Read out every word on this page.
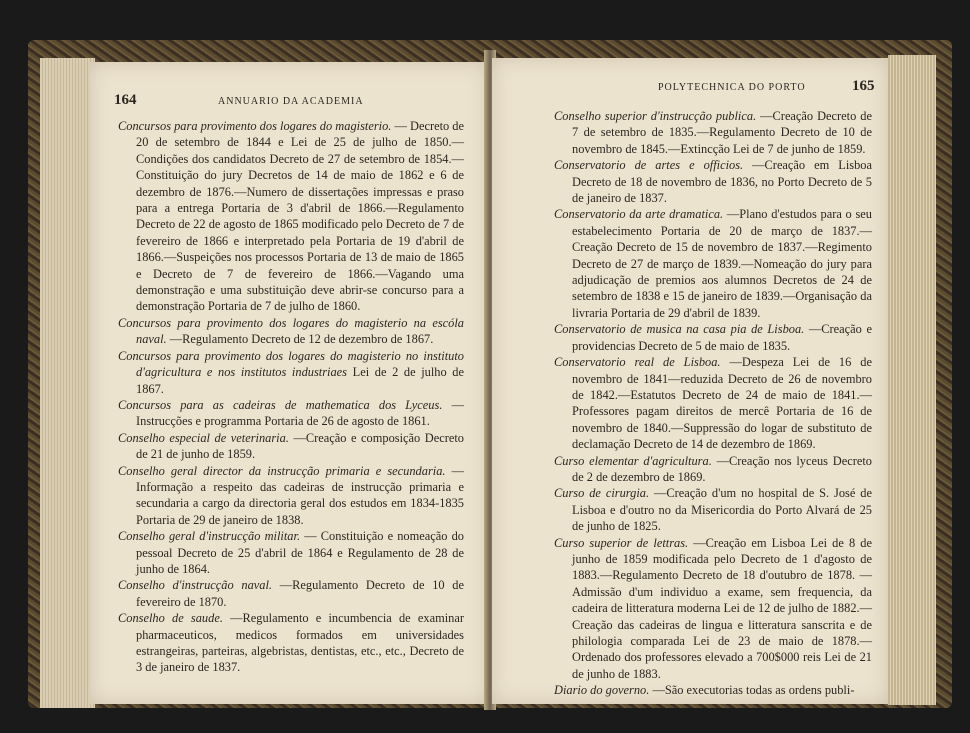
164	ANNUARIO DA ACADEMIA

Concursos para provimento dos logares do magisterio. — Decreto de 20 de setembro de 1844 e Lei de 25 de julho de 1850.—Condições dos candidatos Decreto de 27 de setembro de 1854.—Constituição do jury Decretos de 14 de maio de 1862 e 6 de dezembro de 1876.—Numero de dissertações impressas e praso para a entrega Portaria de 3 d'abril de 1866.—Regulamento Decreto de 22 de agosto de 1865 modificado pelo Decreto de 7 de fevereiro de 1866 e interpretado pela Portaria de 19 d'abril de 1866.—Suspeições nos processos Portaria de 13 de maio de 1865 e Decreto de 7 de fevereiro de 1866.—Vagando uma demonstração e uma substituição deve abrir-se concurso para a demonstração Portaria de 7 de julho de 1860.

Concursos para provimento dos logares do magisterio na escóla naval. —Regulamento Decreto de 12 de dezembro de 1867.

Concursos para provimento dos logares do magisterio no instituto d'agricultura e nos institutos industriaes Lei de 2 de julho de 1867.

Concursos para as cadeiras de mathematica dos Lyceus. — Instrucções e programma Portaria de 26 de agosto de 1861.

Conselho especial de veterinaria. —Creação e composição Decreto de 21 de junho de 1859.

Conselho geral director da instrucção primaria e secundaria. —Informação a respeito das cadeiras de instrucção primaria e secundaria a cargo da directoria geral dos estudos em 1834-1835 Portaria de 29 de janeiro de 1838.

Conselho geral d'instrucção militar. — Constituição e nomeação do pessoal Decreto de 25 d'abril de 1864 e Regulamento de 28 de junho de 1864.

Conselho d'instrucção naval. —Regulamento Decreto de 10 de fevereiro de 1870.

Conselho de saude. —Regulamento e incumbencia de examinar pharmaceuticos, medicos formados em universidades estrangeiras, parteiras, algebristas, dentistas, etc., etc., Decreto de 3 de janeiro de 1837.

POLYTECHNICA DO PORTO	165

Conselho superior d'instrucção publica. —Creação Decreto de 7 de setembro de 1835.—Regulamento Decreto de 10 de novembro de 1845.—Extincção Lei de 7 de junho de 1859.

Conservatorio de artes e officios. —Creação em Lisboa Decreto de 18 de novembro de 1836, no Porto Decreto de 5 de janeiro de 1837.

Conservatorio da arte dramatica. —Plano d'estudos para o seu estabelecimento Portaria de 20 de março de 1837.— Creação Decreto de 15 de novembro de 1837.—Regimento Decreto de 27 de março de 1839.—Nomeação do jury para adjudicação de premios aos alumnos Decretos de 24 de setembro de 1838 e 15 de janeiro de 1839.—Organisação da livraria Portaria de 29 d'abril de 1839.

Conservatorio de musica na casa pia de Lisboa. —Creação e providencias Decreto de 5 de maio de 1835.

Conservatorio real de Lisboa. —Despeza Lei de 16 de novembro de 1841—reduzida Decreto de 26 de novembro de 1842.—Estatutos Decreto de 24 de maio de 1841.— Professores pagam direitos de mercê Portaria de 16 de novembro de 1840.—Suppressão do logar de substituto de declamação Decreto de 14 de dezembro de 1869.

Curso elementar d'agricultura. —Creação nos lyceus Decreto de 2 de dezembro de 1869.

Curso de cirurgia. —Creação d'um no hospital de S. José de Lisboa e d'outro no da Misericordia do Porto Alvará de 25 de junho de 1825.

Curso superior de lettras. —Creação em Lisboa Lei de 8 de junho de 1859 modificada pelo Decreto de 1 d'agosto de 1883.—Regulamento Decreto de 18 d'outubro de 1878. —Admissão d'um individuo a exame, sem frequencia, da cadeira de litteratura moderna Lei de 12 de julho de 1882.—Creação das cadeiras de lingua e litteratura sanscrita e de philologia comparada Lei de 23 de maio de 1878.—Ordenado dos professores elevado a 700$000 reis Lei de 21 de junho de 1883.

Diario do governo. —São executorias todas as ordens publi-
